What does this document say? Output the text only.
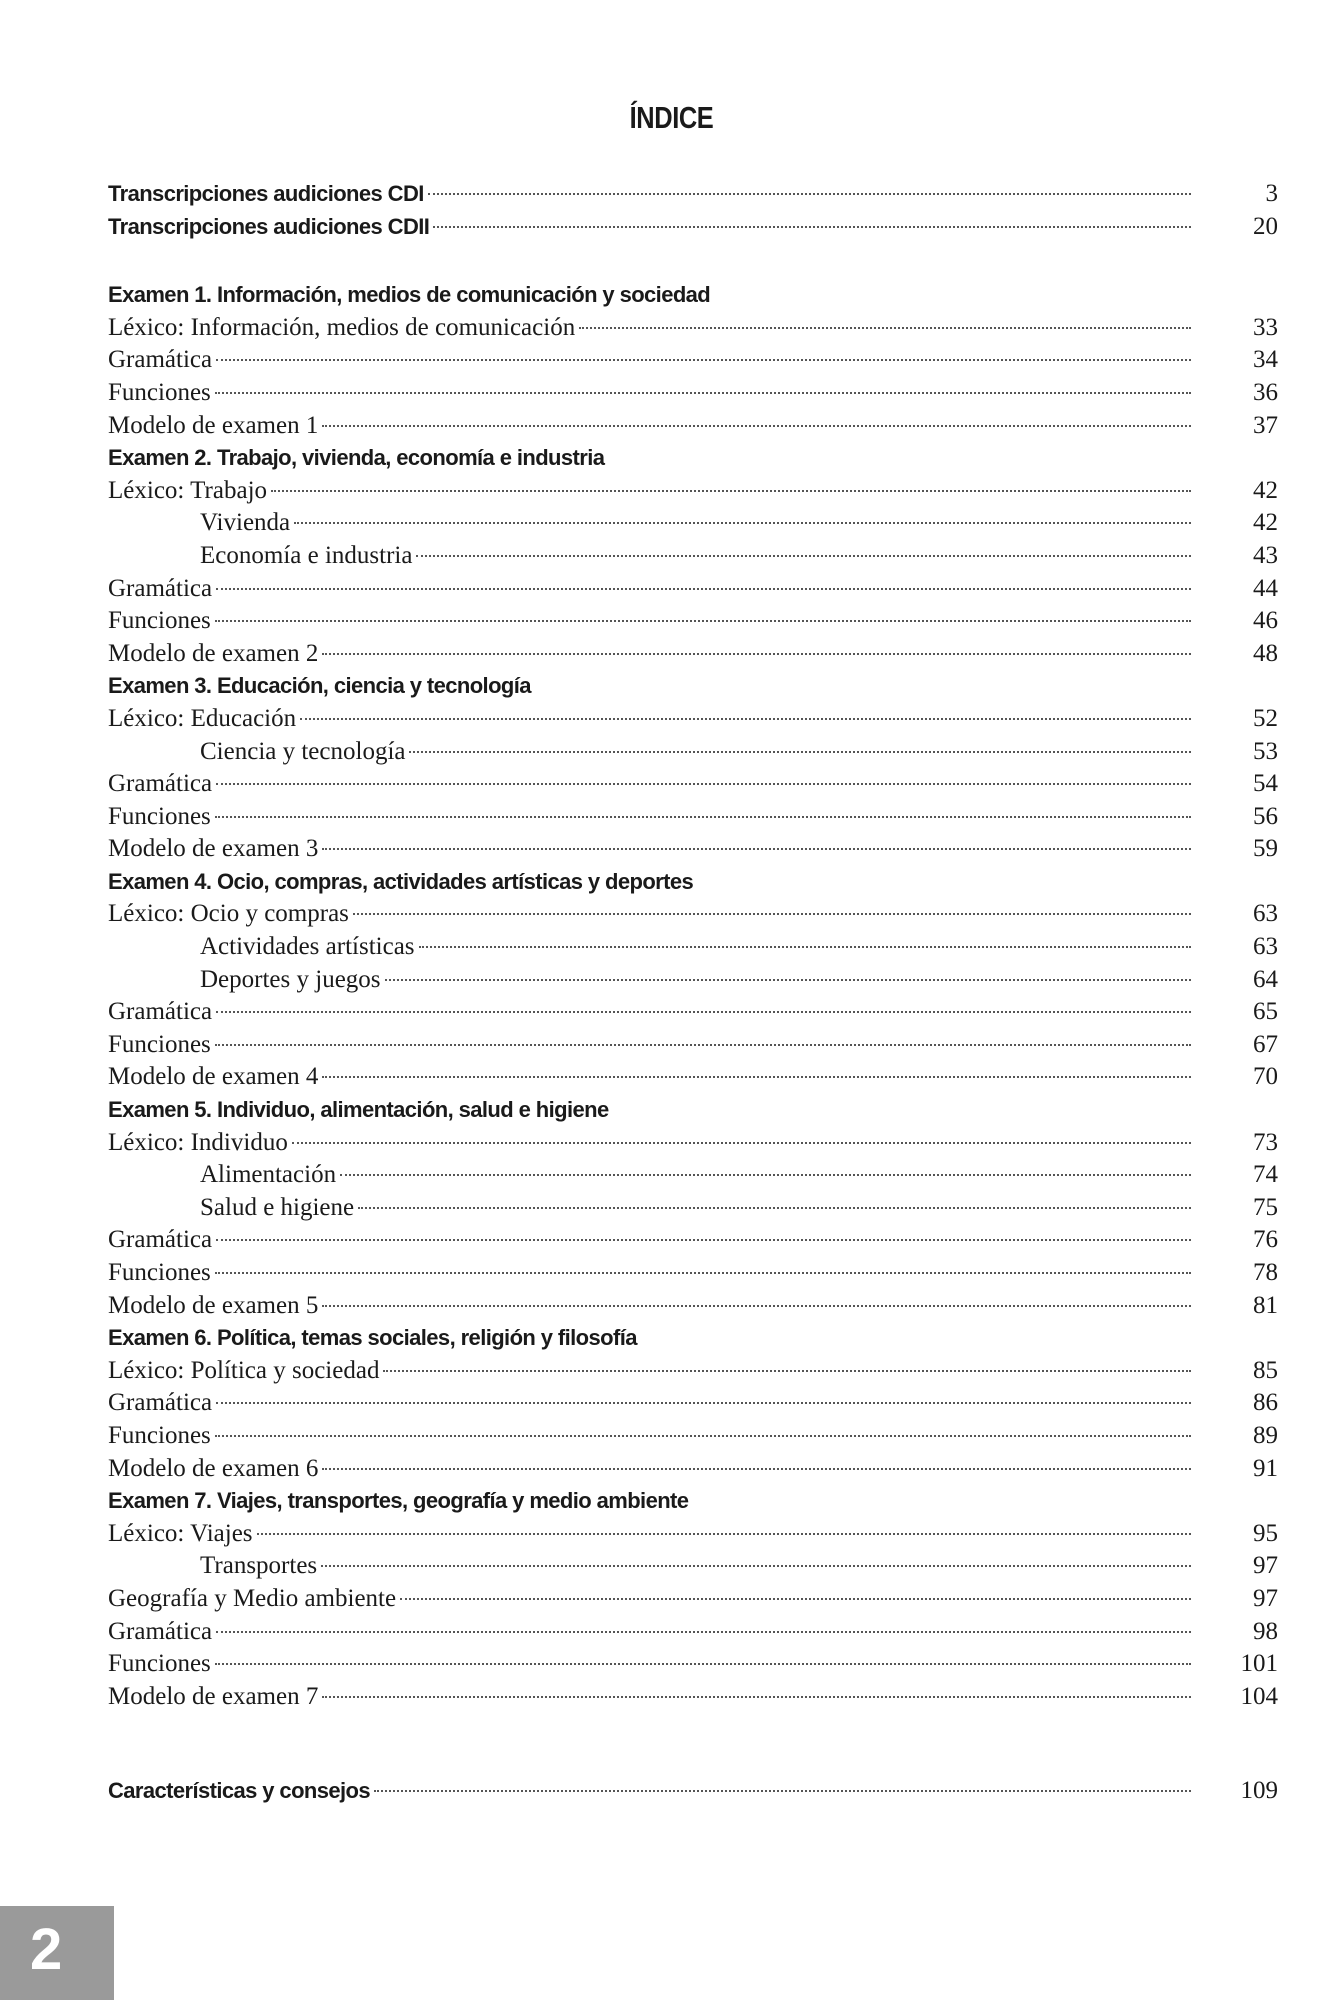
ÍNDICE
Transcripciones audiciones CDI	3
Transcripciones audiciones CDII	20
Examen 1. Información, medios de comunicación y sociedad
Léxico: Información, medios de comunicación	33
Gramática	34
Funciones	36
Modelo de examen 1	37
Examen 2. Trabajo, vivienda, economía e industria
Léxico: Trabajo	42
Vivienda	42
Economía e industria	43
Gramática	44
Funciones	46
Modelo de examen 2	48
Examen 3. Educación, ciencia y tecnología
Léxico: Educación	52
Ciencia y tecnología	53
Gramática	54
Funciones	56
Modelo de examen 3	59
Examen 4. Ocio, compras, actividades artísticas y deportes
Léxico: Ocio y compras	63
Actividades artísticas	63
Deportes y juegos	64
Gramática	65
Funciones	67
Modelo de examen 4	70
Examen 5. Individuo, alimentación, salud e higiene
Léxico: Individuo	73
Alimentación	74
Salud e higiene	75
Gramática	76
Funciones	78
Modelo de examen 5	81
Examen 6. Política, temas sociales, religión y filosofía
Léxico: Política y sociedad	85
Gramática	86
Funciones	89
Modelo de examen 6	91
Examen 7. Viajes, transportes, geografía y medio ambiente
Léxico: Viajes	95
Transportes	97
Geografía y Medio ambiente	97
Gramática	98
Funciones	101
Modelo de examen 7	104
Características y consejos	109
2
